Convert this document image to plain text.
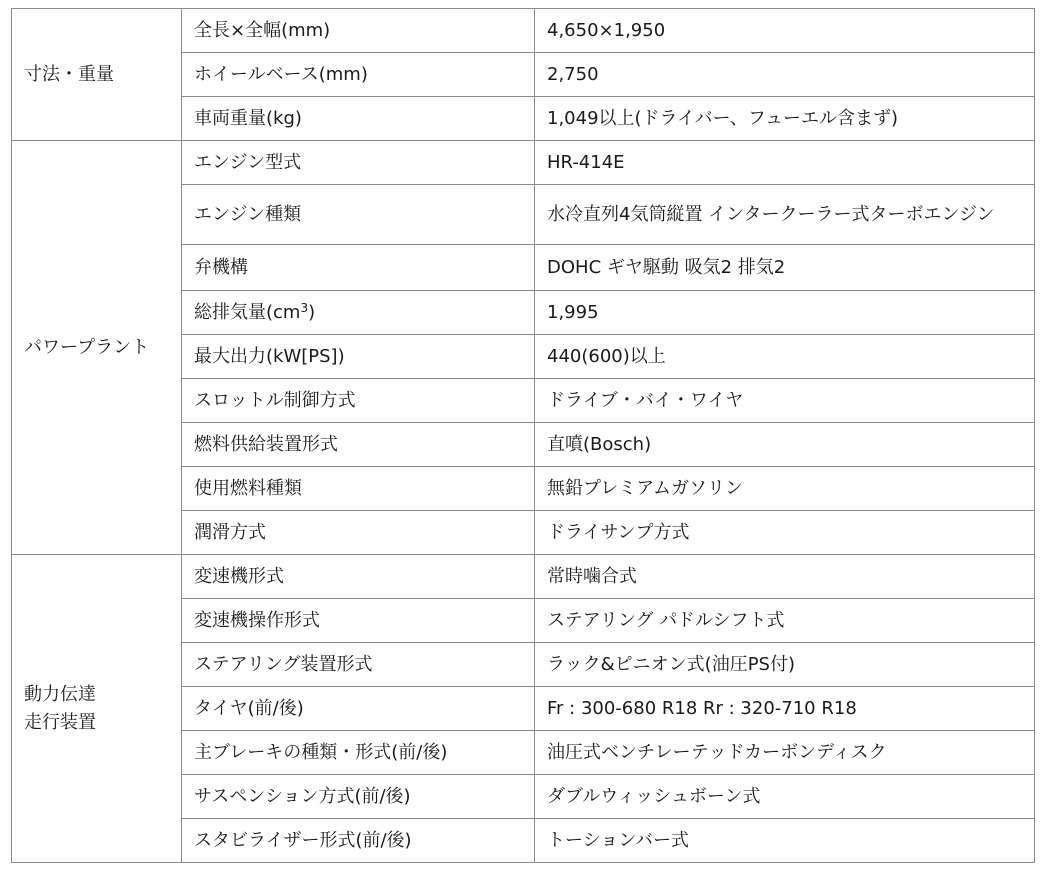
寸法・重量	全長×全幅(mm)	4,650×1,950
	ホイールベース(mm)	2,750
	車両重量(kg)	1,049以上(ドライバー、フューエル含まず)
パワープラント	エンジン型式	HR-414E
	エンジン種類	水冷直列4気筒縦置 インタークーラー式ターボエンジン
	弁機構	DOHC ギヤ駆動 吸気2 排気2
	総排気量$(cm^3)$	1,995
	最大出力(kW[PS])	440(600)以上
	スロットル制御方式	ドライブ・バイ・ワイヤ
	燃料供給装置形式	直噴(Bosch)
	使用燃料種類	無鉛プレミアムガソリン
	潤滑方式	ドライサンプ方式
動力伝達
走行装置	変速機形式	常時噛合式
	変速機操作形式	ステアリング パドルシフト式
	ステアリング装置形式	ラック&ピニオン式(油圧PS付)
	タイヤ(前/後)	Fr : 300-680 R18 Rr : 320-710 R18
	主ブレーキの種類・形式(前/後)	油圧式ベンチレーテッドカーボンディスク
	サスペンション方式(前/後)	ダブルウィッシュボーン式
	スタビライザー形式(前/後)	トーションバー式
